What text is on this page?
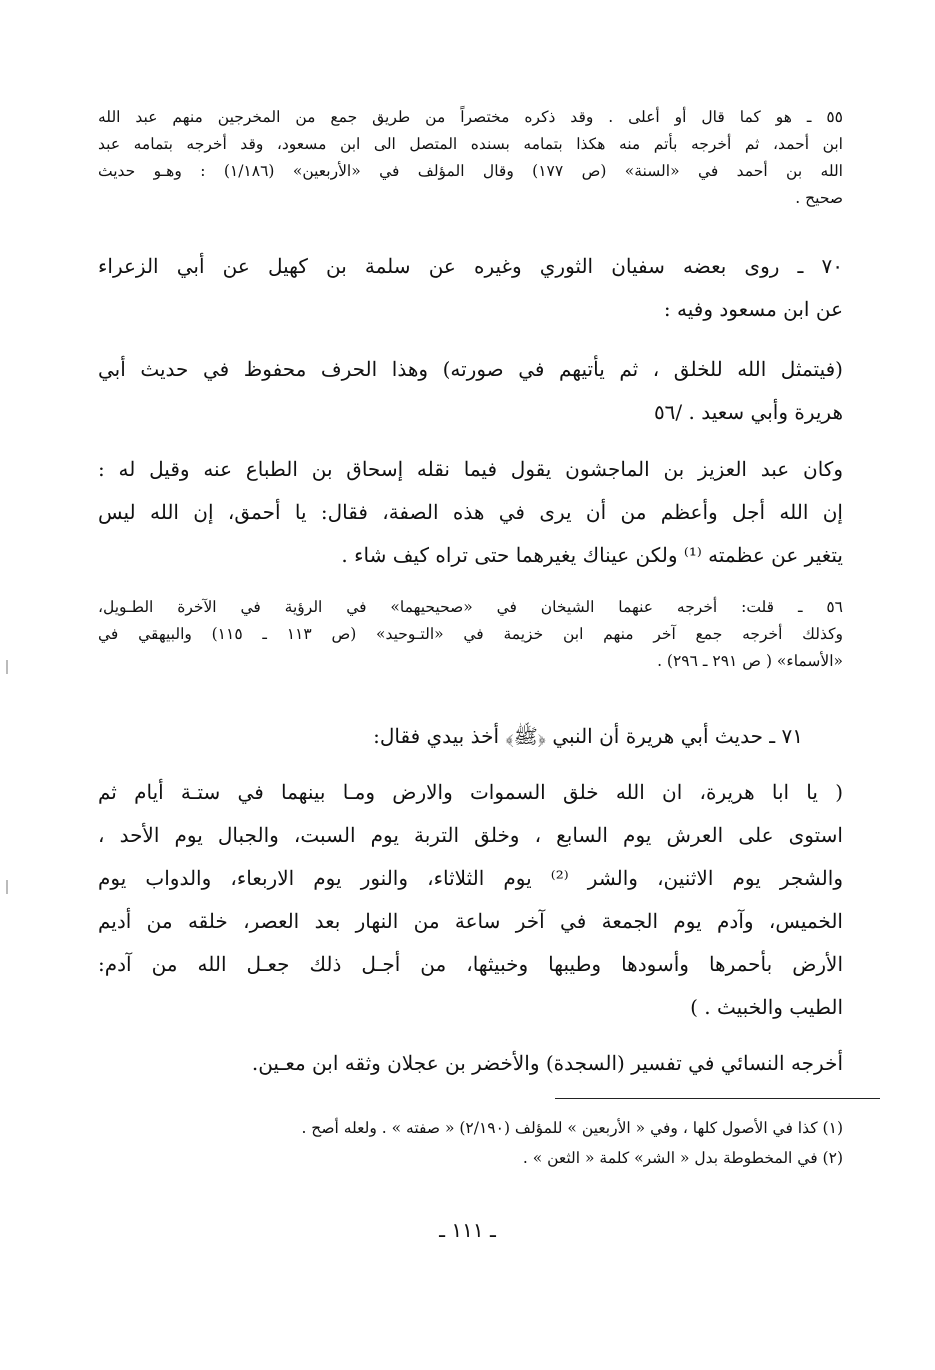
٥٥ ـ هو كما قال أو أعلى . وقد ذكره مختصراً من طريق جمع من المخرجين منهم عبد الله
ابن أحمد، ثم أخرجه بأتم منه هكذا بتمامه بسنده المتصل الى ابن مسعود، وقد أخرجه بتمامه عبد
الله بن أحمد في «السنة» (ص ١٧٧) وقال المؤلف في «الأربعين» (١/١٨٦) : وهـو حديث
صحيح .
٧٠ ـ روى بعضه سفيان الثوري وغيره عن سلمة بن كهيل عن أبي الزعراء
عن ابن مسعود وفيه :
(فيتمثل الله للخلق ، ثم يأتيهم في صورته) وهذا الحرف محفوظ في حديث أبي
هريرة وأبي سعيد . /٥٦
وكان عبد العزيز بن الماجشون يقول فيما نقله إسحاق بن الطباع عنه وقيل له :
إن الله أجل وأعظم من أن يرى في هذه الصفة، فقال: يا أحمق، إن الله ليس
يتغير عن عظمته ⁽¹⁾ ولكن عيناك يغيرهما حتى تراه كيف شاء .
٥٦ ـ قلت: أخرجه عنهما الشيخان في «صحيحيهما» في الرؤية في الآخرة الطـويل،
وكذلك أخرجه جمع آخر منهم ابن خزيمة في «التـوحيد» (ص ١١٣ ـ ١١٥) والبيهقي في
«الأسماء» ( ص ٢٩١ ـ ٢٩٦) .
٧١ ـ حديث أبي هريرة أن النبي ﴿ﷺ﴾ أخذ بيدي فقال:
( يا ابا هريرة، ان الله خلق السموات والارض ومـا بينهما في ستـة أيام ثم
استوى على العرش يوم السابع ، وخلق التربة يوم السبت، والجبال يوم الأحد ،
والشجر يوم الاثنين، والشر ⁽²⁾ يوم الثلاثاء، والنور يوم الاربعاء، والدواب يوم
الخميس، وآدم يوم الجمعة في آخر ساعة من النهار بعد العصر، خلقه من أديم
الأرض بأحمرها وأسودها وطيبها وخبيثها، من أجـل ذلك جعـل الله من آدم:
الطيب والخبيث . )
أخرجه النسائي في تفسير (السجدة) والأخضر بن عجلان وثقه ابن معـين.
(١) كذا في الأصول كلها ، وفي « الأربعين » للمؤلف (٢/١٩٠) « صفته » . ولعله أصح .
(٢) في المخطوطة بدل « الشر» كلمة « الثعن » .
ـ ١١١ ـ
